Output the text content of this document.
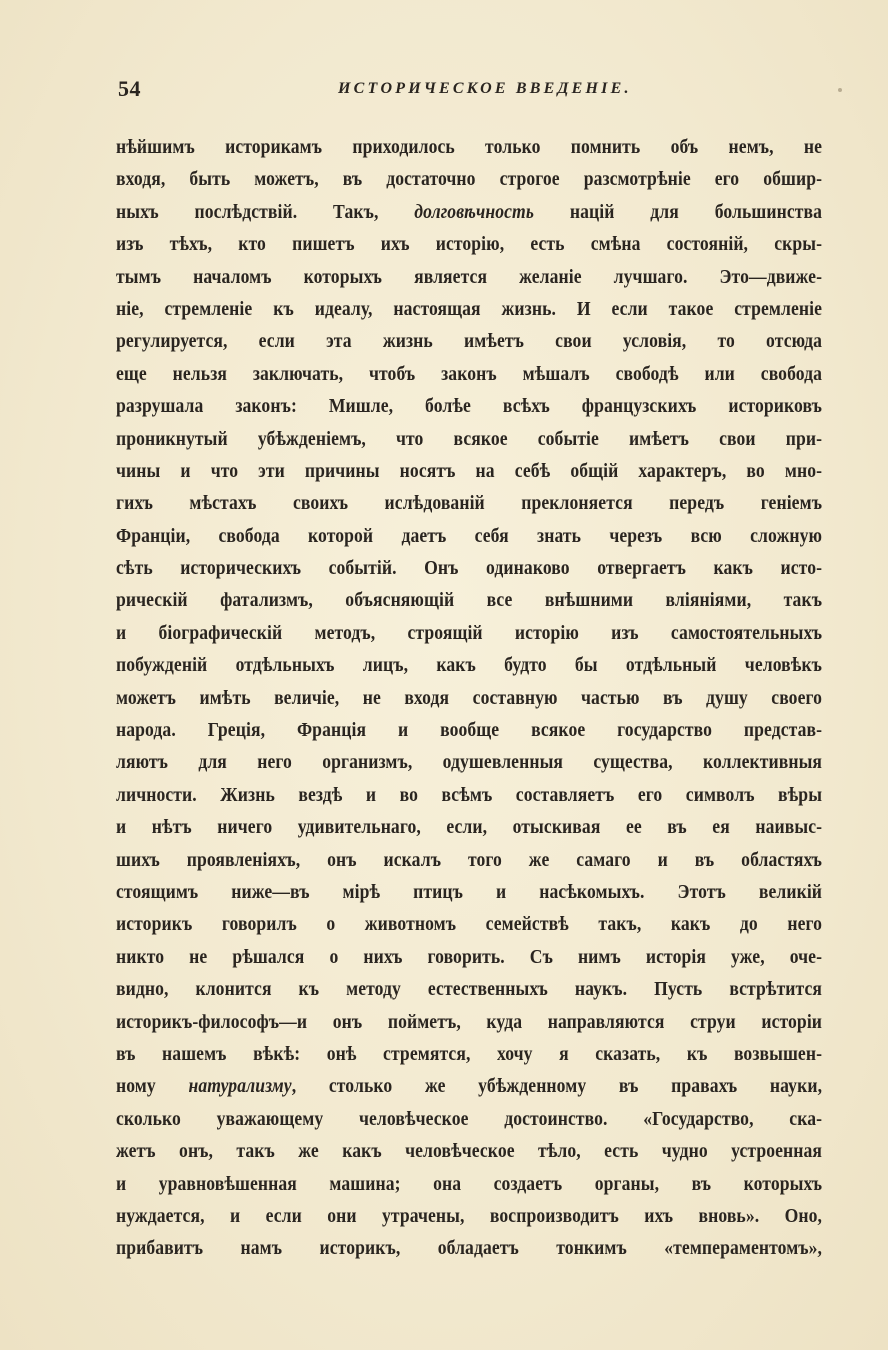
54	ИСТОРИЧЕСКОЕ ВВЕДЕНІЕ.
нѣйшимъ историкамъ приходилось только помнить объ немъ, не
входя, быть можетъ, въ достаточно строгое разсмотрѣніе его обшир-
ныхъ послѣдствій. Такъ, долговѣчность націй для большинства
изъ тѣхъ, кто пишетъ ихъ исторію, есть смѣна состояній, скры-
тымъ началомъ которыхъ является желаніе лучшаго. Это—движе-
ніе, стремленіе къ идеалу, настоящая жизнь. И если такое стремленіе
регулируется, если эта жизнь имѣетъ свои условія, то отсюда
еще нельзя заключать, чтобъ законъ мѣшалъ свободѣ или свобода
разрушала законъ: Мишле, болѣе всѣхъ французскихъ историковъ
проникнутый убѣжденіемъ, что всякое событіе имѣетъ свои при-
чины и что эти причины носятъ на себѣ общій характеръ, во мно-
гихъ мѣстахъ своихъ ислѣдованій преклоняется передъ геніемъ
Франціи, свобода которой даетъ себя знать черезъ всю сложную
сѣть историческихъ событій. Онъ одинаково отвергаетъ какъ исто-
рическій фатализмъ, объясняющій все внѣшними вліяніями, такъ
и біографическій методъ, строящій исторію изъ самостоятельныхъ
побужденій отдѣльныхъ лицъ, какъ будто бы отдѣльный человѣкъ
можетъ имѣть величіе, не входя составную частью въ душу своего
народа. Греція, Франція и вообще всякое государство представ-
ляютъ для него организмъ, одушевленныя существа, коллективныя
личности. Жизнь вездѣ и во всѣмъ составляетъ его символъ вѣры
и нѣтъ ничего удивительнаго, если, отыскивая ее въ ея наивыс-
шихъ проявленіяхъ, онъ искалъ того же самаго и въ областяхъ
стоящимъ ниже—въ мірѣ птицъ и насѣкомыхъ. Этотъ великій
историкъ говорилъ о животномъ семействѣ такъ, какъ до него
никто не рѣшался о нихъ говорить. Съ нимъ исторія уже, оче-
видно, клонится къ методу естественныхъ наукъ. Пусть встрѣтится
историкъ-философъ—и онъ пойметъ, куда направляются струи исторіи
въ нашемъ вѣкѣ: онѣ стремятся, хочу я сказать, къ возвышен-
ному натурализму, столько же убѣжденному въ правахъ науки,
сколько уважающему человѣческое достоинство. «Государство, ска-
жетъ онъ, такъ же какъ человѣческое тѣло, есть чудно устроенная
и уравновѣшенная машина; она создаетъ органы, въ которыхъ
нуждается, и если они утрачены, воспроизводитъ ихъ вновь». Оно,
прибавитъ намъ историкъ, обладаетъ тонкимъ «темпераментомъ»,
